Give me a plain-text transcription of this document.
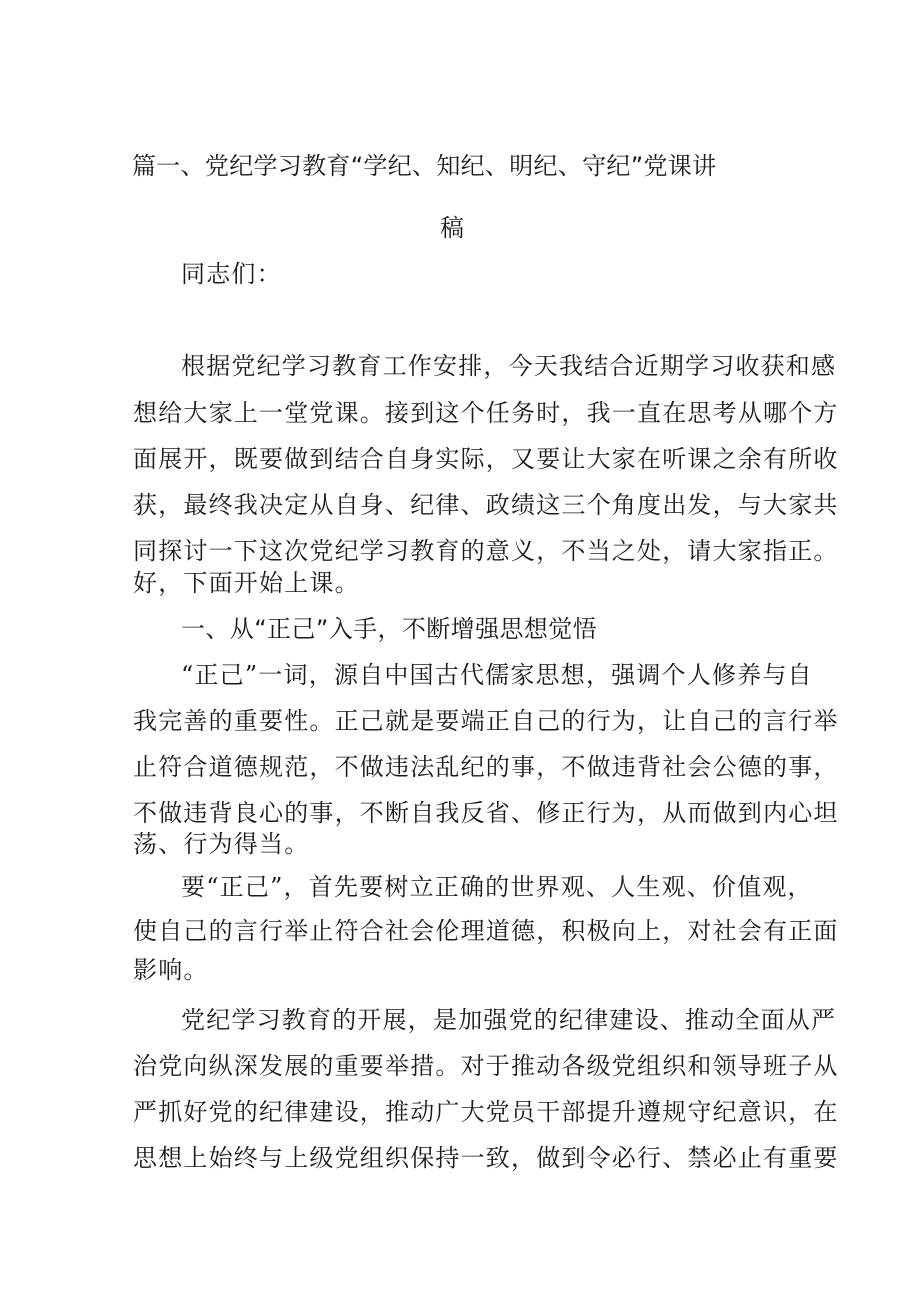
篇一、党纪学习教育“学纪、知纪、明纪、守纪”党课讲
稿
同志们：
根据党纪学习教育工作安排，今天我结合近期学习收获和感
想给大家上一堂党课。接到这个任务时，我一直在思考从哪个方
面展开，既要做到结合自身实际，又要让大家在听课之余有所收
获，最终我决定从自身、纪律、政绩这三个角度出发，与大家共
同探讨一下这次党纪学习教育的意义，不当之处，请大家指正。
好，下面开始上课。
一、从“正己”入手，不断增强思想觉悟
“正己”一词，源自中国古代儒家思想，强调个人修养与自
我完善的重要性。正己就是要端正自己的行为，让自己的言行举
止符合道德规范，不做违法乱纪的事，不做违背社会公德的事，
不做违背良心的事，不断自我反省、修正行为，从而做到内心坦
荡、行为得当。
要“正己”，首先要树立正确的世界观、人生观、价值观，
使自己的言行举止符合社会伦理道德，积极向上，对社会有正面
影响。
党纪学习教育的开展，是加强党的纪律建设、推动全面从严
治党向纵深发展的重要举措。对于推动各级党组织和领导班子从
严抓好党的纪律建设，推动广大党员干部提升遵规守纪意识，在
思想上始终与上级党组织保持一致，做到令必行、禁必止有重要
